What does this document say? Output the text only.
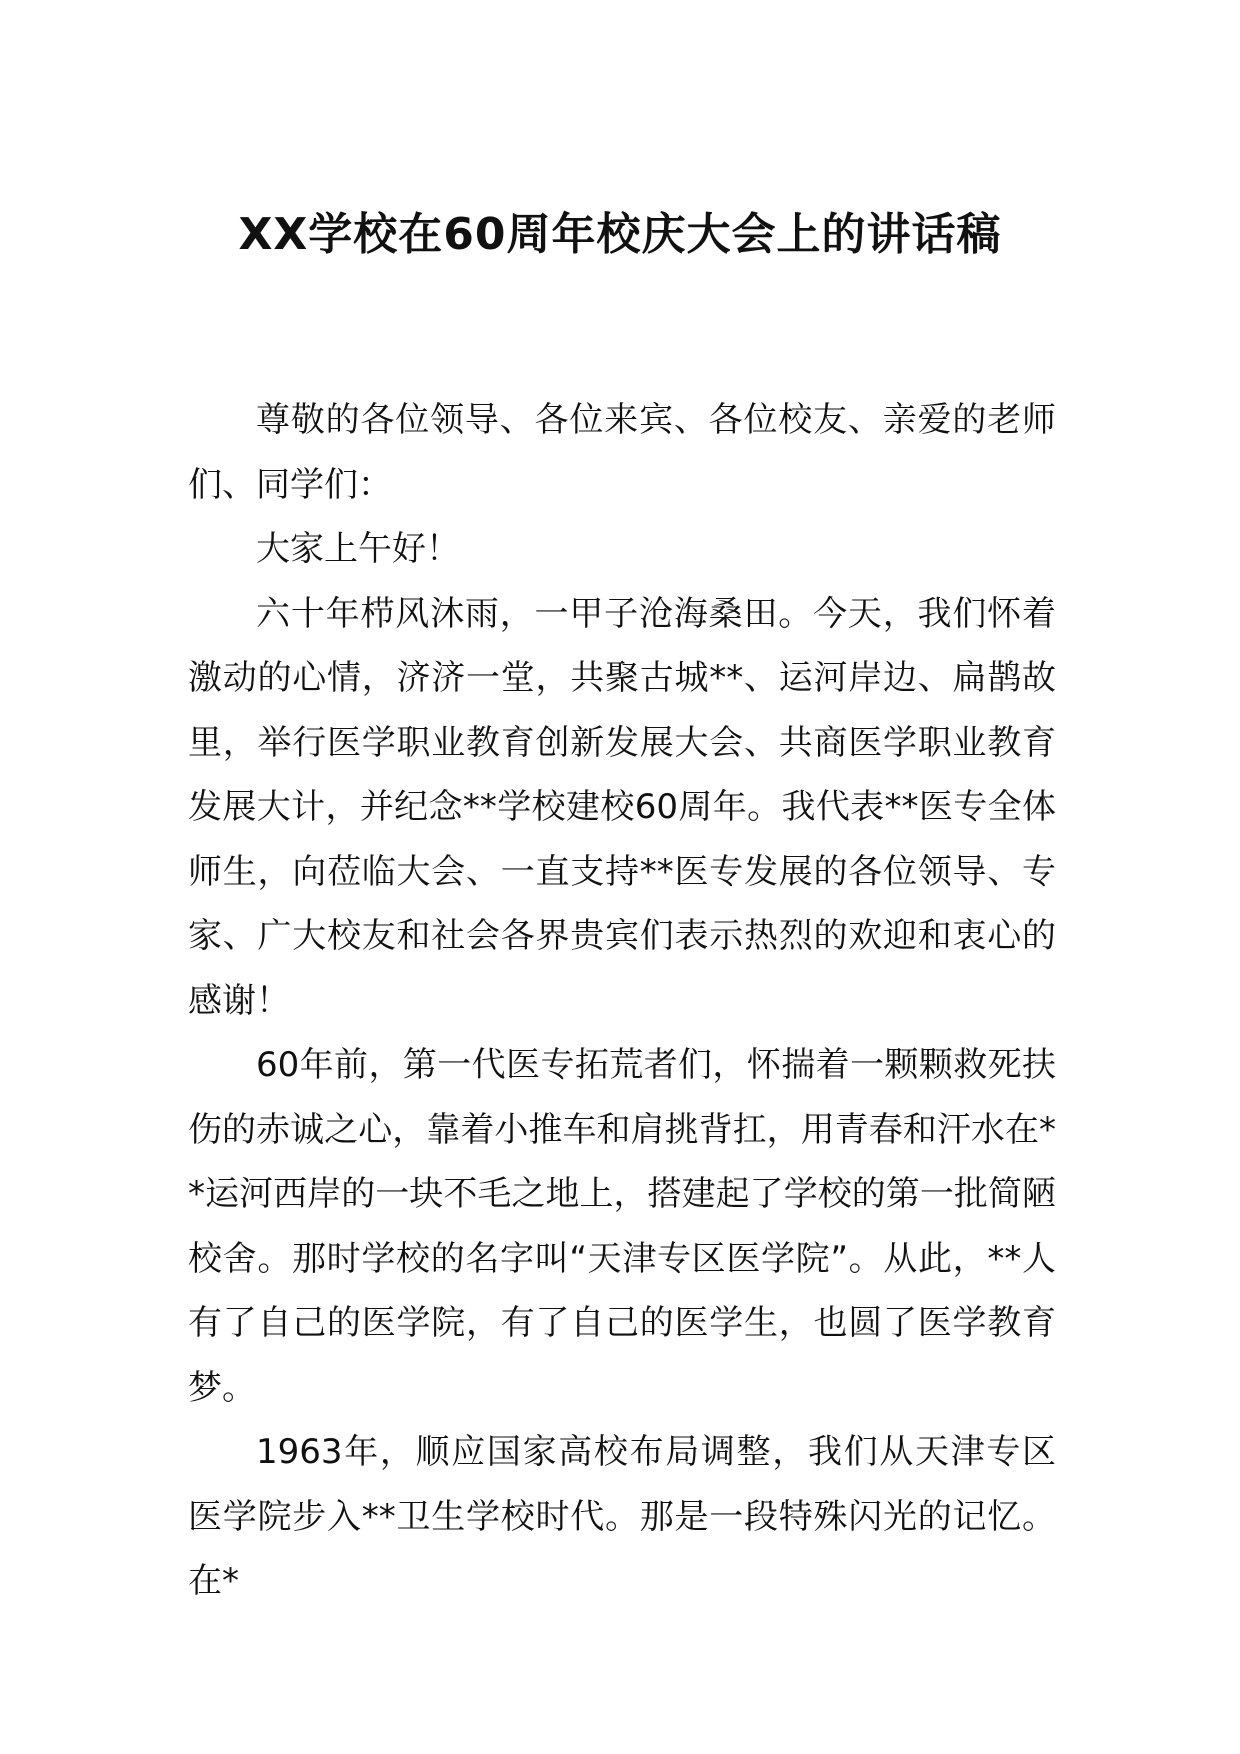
XX学校在60周年校庆大会上的讲话稿

尊敬的各位领导、各位来宾、各位校友、亲爱的老师们、同学们：

大家上午好！

六十年栉风沐雨，一甲子沧海桑田。今天，我们怀着激动的心情，济济一堂，共聚古城**、运河岸边、扁鹊故里，举行医学职业教育创新发展大会、共商医学职业教育发展大计，并纪念**学校建校60周年。我代表**医专全体师生，向莅临大会、一直支持**医专发展的各位领导、专家、广大校友和社会各界贵宾们表示热烈的欢迎和衷心的感谢！

60年前，第一代医专拓荒者们，怀揣着一颗颗救死扶伤的赤诚之心，靠着小推车和肩挑背扛，用青春和汗水在**运河西岸的一块不毛之地上，搭建起了学校的第一批简陋校舍。那时学校的名字叫“天津专区医学院”。从此，**人有了自己的医学院，有了自己的医学生，也圆了医学教育梦。

1963年，顺应国家高校布局调整，我们从天津专区医学院步入**卫生学校时代。那是一段特殊闪光的记忆。在*
